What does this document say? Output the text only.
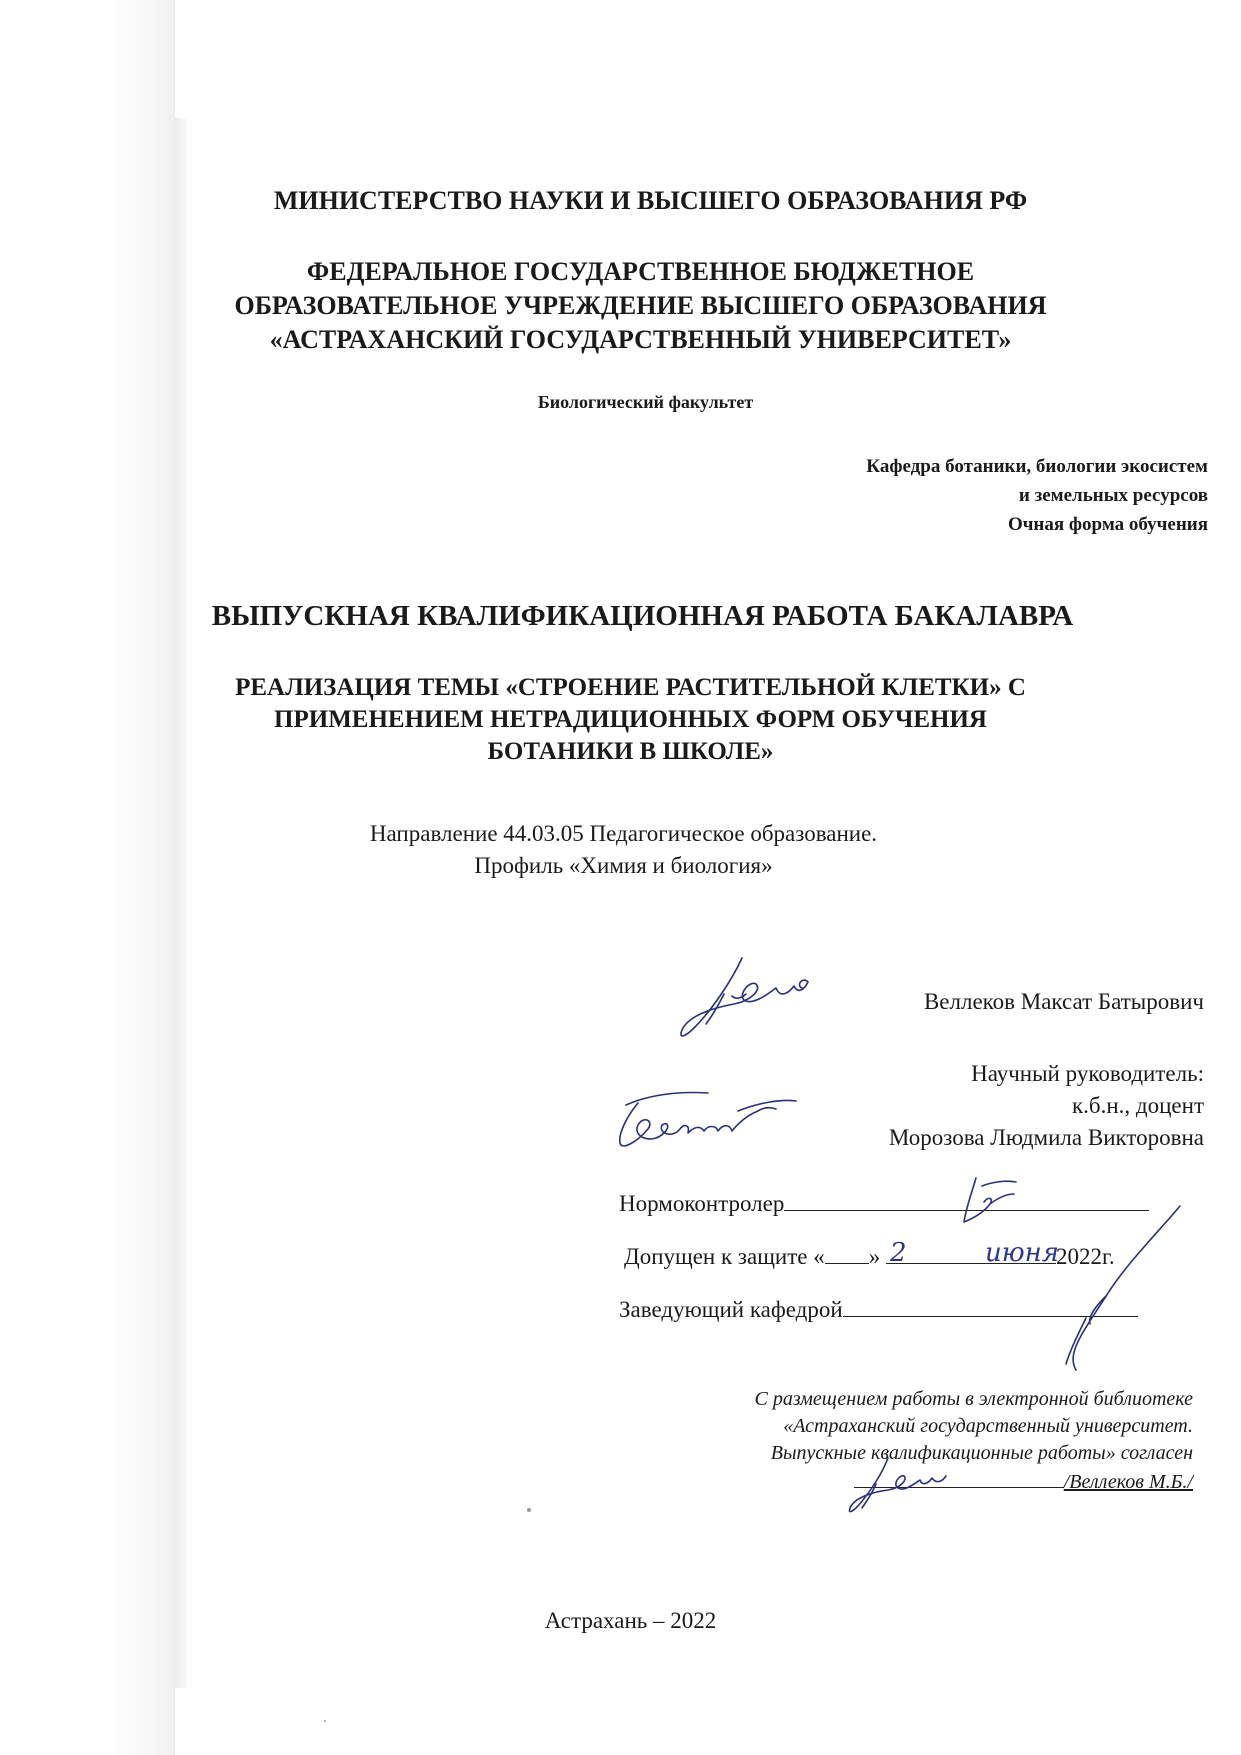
МИНИСТЕРСТВО НАУКИ И ВЫСШЕГО ОБРАЗОВАНИЯ РФ
ФЕДЕРАЛЬНОЕ ГОСУДАРСТВЕННОЕ БЮДЖЕТНОЕ
ОБРАЗОВАТЕЛЬНОЕ УЧРЕЖДЕНИЕ ВЫСШЕГО ОБРАЗОВАНИЯ
«АСТРАХАНСКИЙ ГОСУДАРСТВЕННЫЙ УНИВЕРСИТЕТ»
Биологический факультет
Кафедра ботаники, биологии экосистем
и земельных ресурсов
Очная форма обучения
ВЫПУСКНАЯ КВАЛИФИКАЦИОННАЯ РАБОТА БАКАЛАВРА
РЕАЛИЗАЦИЯ ТЕМЫ «СТРОЕНИЕ РАСТИТЕЛЬНОЙ КЛЕТКИ» С
ПРИМЕНЕНИЕМ НЕТРАДИЦИОННЫХ ФОРМ ОБУЧЕНИЯ
БОТАНИКИ В ШКОЛЕ»
Направление 44.03.05 Педагогическое образование.
Профиль «Химия и биология»
Веллеков Максат Батырович
Научный руководитель:
к.б.н., доцент
Морозова Людмила Викторовна
Нормоконтролер
Допущен к защите « »	2022г.
2	июня
Заведующий кафедрой
С размещением работы в электронной библиотеке
«Астраханский государственный университет.
Выпускные квалификационные работы» согласен
/Веллеков М.Б./
Астрахань – 2022
